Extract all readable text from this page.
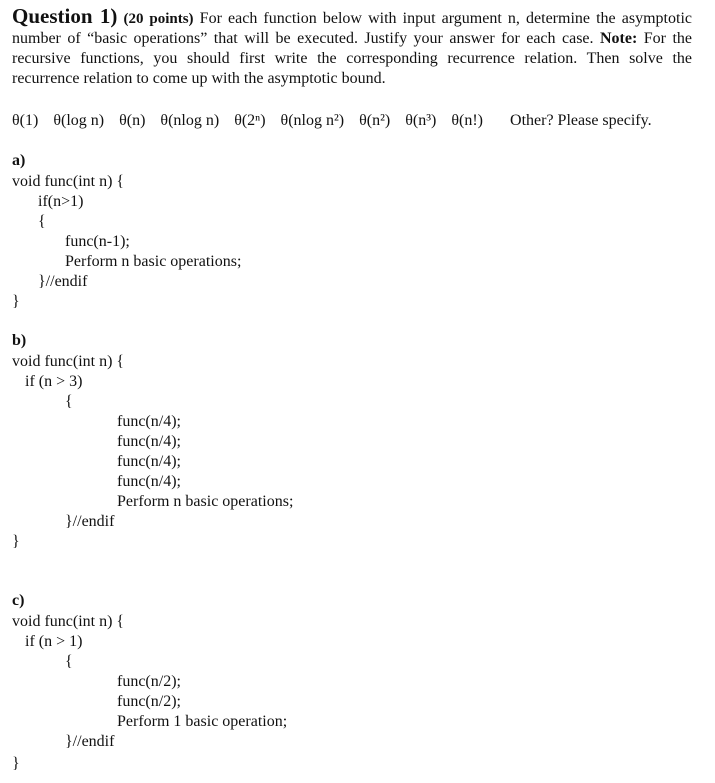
Question 1) (20 points) For each function below with input argument n, determine the asymptotic number of “basic operations” that will be executed. Justify your answer for each case. Note: For the recursive functions, you should first write the corresponding recurrence relation. Then solve the recurrence relation to come up with the asymptotic bound.
θ(1) θ(log n) θ(n) θ(nlog n) θ(2ⁿ) θ(nlog n²) θ(n²) θ(n³) θ(n!) Other? Please specify.
a)
void func(int n) {
if(n>1)
{
func(n-1);
Perform n basic operations;
}//endif
}
b)
void func(int n) {
if (n > 3)
{
func(n/4);
func(n/4);
func(n/4);
func(n/4);
Perform n basic operations;
}//endif
}
c)
void func(int n) {
if (n > 1)
{
func(n/2);
func(n/2);
Perform 1 basic operation;
}//endif
}
